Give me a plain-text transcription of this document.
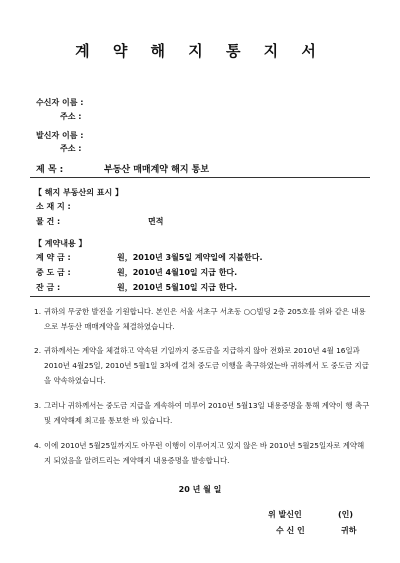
계 약 해 지 통 지 서
수신자 이름 :
주소 :
발신자 이름 :
주소 :
제 목 :	부동산 매매계약 해지 통보
【 해지 부동산의 표시 】
소 재 지 :
물 건 :	면적
【 계약내용 】
계 약 금 :	원，2010년 3월5일 계약일에 지불한다.
중 도 금 :	원，2010년 4월10일 지급 한다.
잔 금 :	원，2010년 5월10일 지급 한다.
1. 귀하의 무궁한 발전을 기원합니다. 본인은 서울 서초구 서초동 ○○빌딩 2층 205호를 위와 같은 내용으로 부동산 매매계약을 체결하였습니다.
2. 귀하께서는 계약을 체결하고 약속된 기일까지 중도금을 지급하지 않아 전화로 2010년 4월 16일과 2010년 4월25일, 2010년 5월1일 3차에 걸쳐 중도금 이행을 촉구하였는바 귀하께서 도 중도금 지급을 약속하였습니다.
3. 그러나 귀하께서는 중도금 지급을 계속하여 미루어 2010년 5월13일 내용증명을 통해 계약이 행 촉구 및 계약해제 최고를 통보한 바 있습니다.
4. 이에 2010년 5월25일까지도 아무런 이행이 이루어지고 있지 않은 바 2010년 5월25일자로 계약해지 되었음을 알려드리는 계약해지 내용증명을 발송합니다.
20 년 월 일
위 발신인	(인)
수 신 인	귀하
